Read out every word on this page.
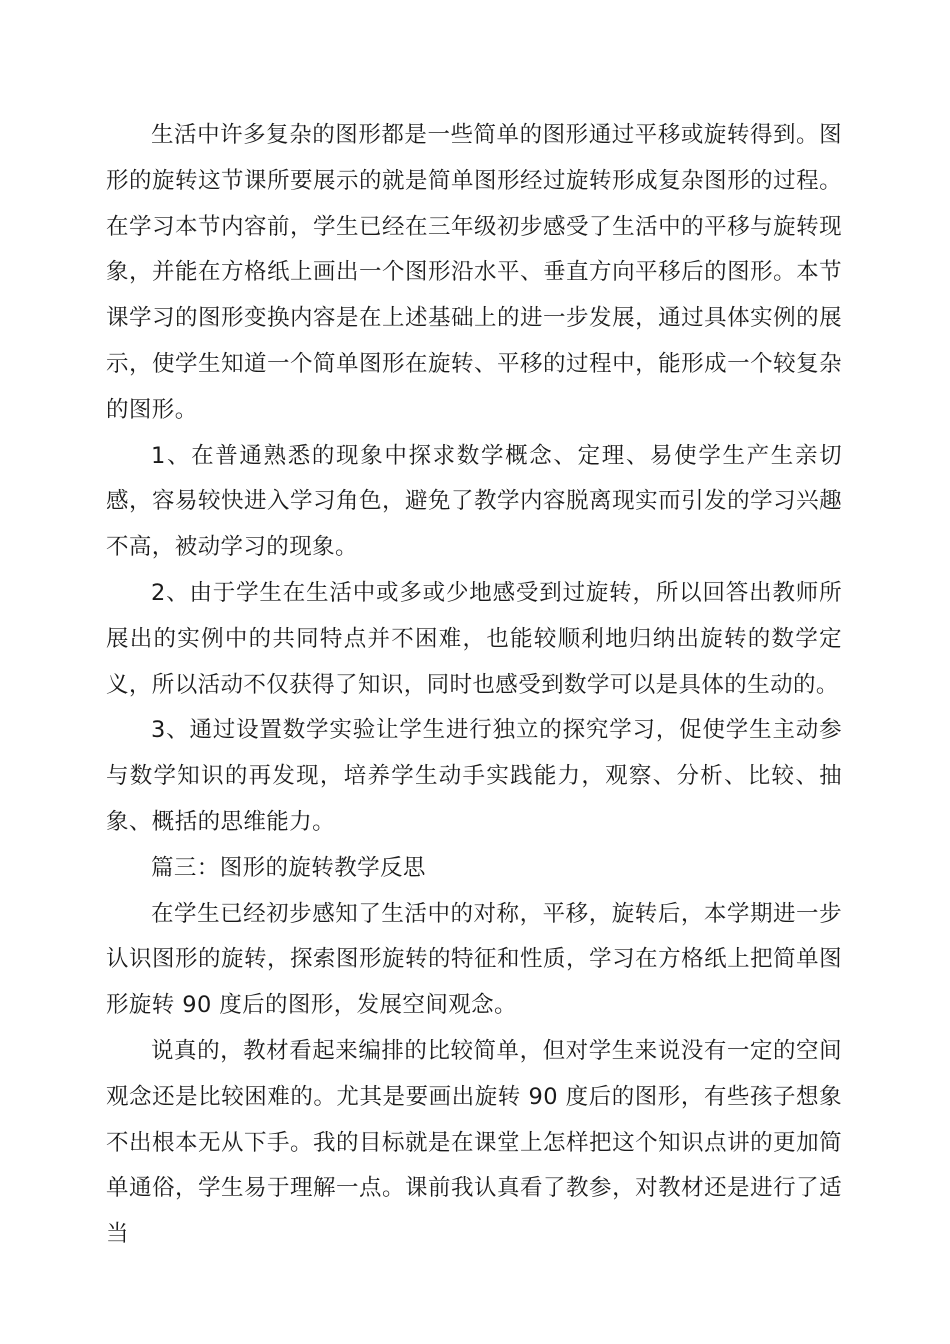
生活中许多复杂的图形都是一些简单的图形通过平移或旋转得到。图形的旋转这节课所要展示的就是简单图形经过旋转形成复杂图形的过程。在学习本节内容前，学生已经在三年级初步感受了生活中的平移与旋转现象，并能在方格纸上画出一个图形沿水平、垂直方向平移后的图形。本节课学习的图形变换内容是在上述基础上的进一步发展，通过具体实例的展示，使学生知道一个简单图形在旋转、平移的过程中，能形成一个较复杂的图形。

1、在普通熟悉的现象中探求数学概念、定理、易使学生产生亲切感，容易较快进入学习角色，避免了教学内容脱离现实而引发的学习兴趣不高，被动学习的现象。

2、由于学生在生活中或多或少地感受到过旋转，所以回答出教师所展出的实例中的共同特点并不困难，也能较顺利地归纳出旋转的数学定义，所以活动不仅获得了知识，同时也感受到数学可以是具体的生动的。

3、通过设置数学实验让学生进行独立的探究学习，促使学生主动参与数学知识的再发现，培养学生动手实践能力，观察、分析、比较、抽象、概括的思维能力。

篇三：图形的旋转教学反思

在学生已经初步感知了生活中的对称，平移，旋转后，本学期进一步认识图形的旋转，探索图形旋转的特征和性质，学习在方格纸上把简单图形旋转 90 度后的图形，发展空间观念。

说真的，教材看起来编排的比较简单，但对学生来说没有一定的空间观念还是比较困难的。尤其是要画出旋转 90 度后的图形，有些孩子想象不出根本无从下手。我的目标就是在课堂上怎样把这个知识点讲的更加简单通俗，学生易于理解一点。课前我认真看了教参，对教材还是进行了适当
